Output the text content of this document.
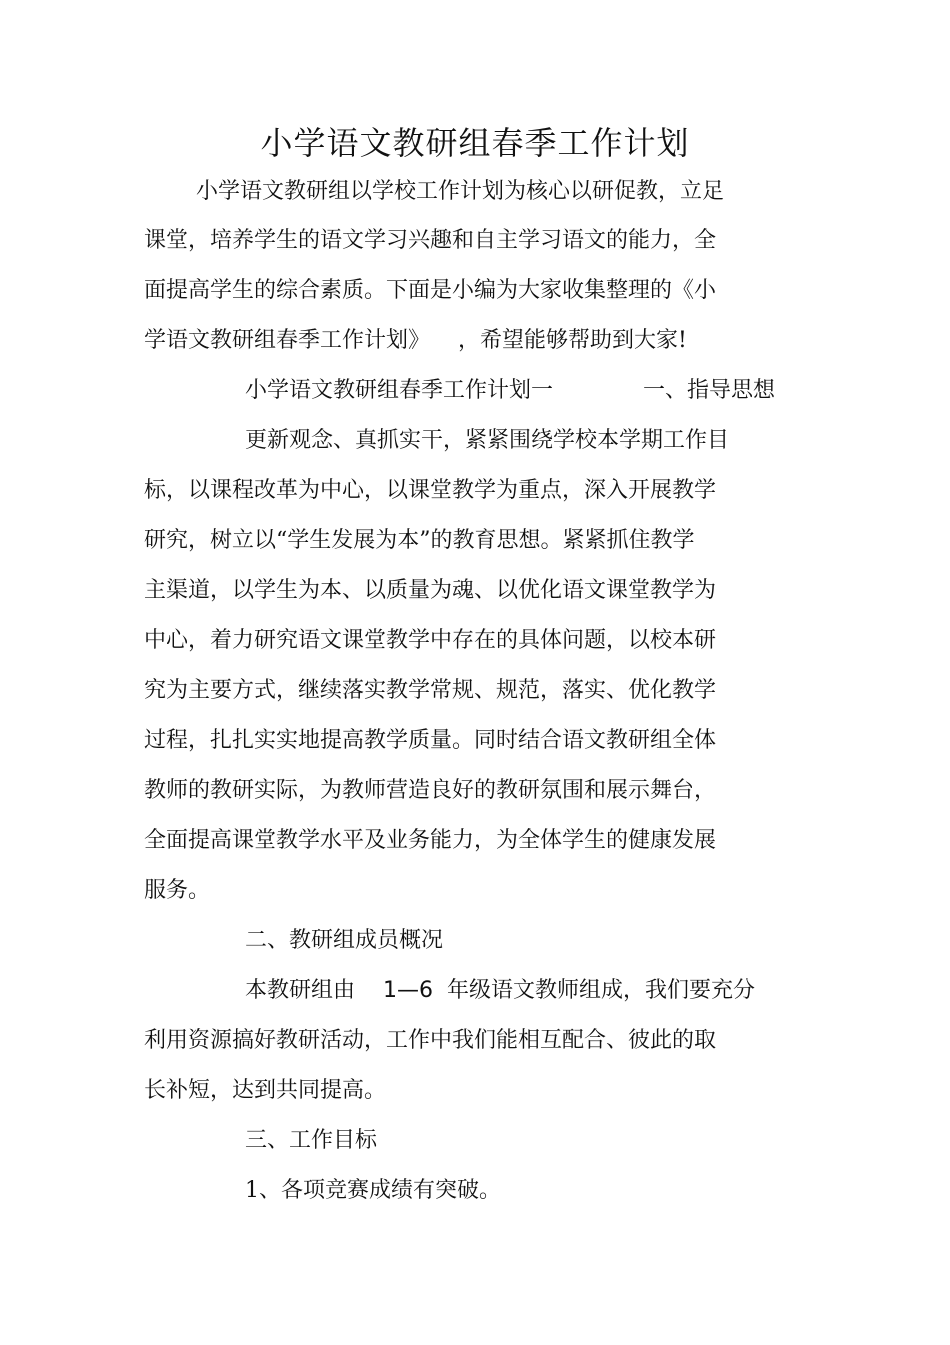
小学语文教研组春季工作计划
小学语文教研组以学校工作计划为核心以研促教，立足
课堂，培养学生的语文学习兴趣和自主学习语文的能力，全
面提高学生的综合素质。下面是小编为大家收集整理的《小
学语文教研组春季工作计划》 ，希望能够帮助到大家!
小学语文教研组春季工作计划一	一、指导思想
更新观念、真抓实干，紧紧围绕学校本学期工作目
标，以课程改革为中心，以课堂教学为重点，深入开展教学
研究，树立以“学生发展为本”的教育思想。紧紧抓住教学
主渠道，以学生为本、以质量为魂、以优化语文课堂教学为
中心，着力研究语文课堂教学中存在的具体问题，以校本研
究为主要方式，继续落实教学常规、规范，落实、优化教学
过程，扎扎实实地提高教学质量。同时结合语文教研组全体
教师的教研实际，为教师营造良好的教研氛围和展示舞台，
全面提高课堂教学水平及业务能力，为全体学生的健康发展
服务。
二、教研组成员概况
本教研组由 1—6 年级语文教师组成，我们要充分
利用资源搞好教研活动，工作中我们能相互配合、彼此的取
长补短，达到共同提高。
三、工作目标
1、各项竞赛成绩有突破。
